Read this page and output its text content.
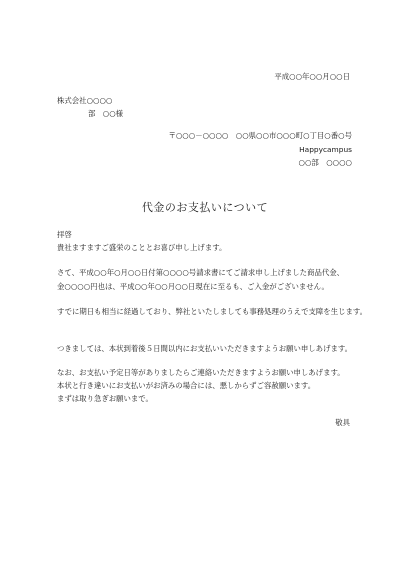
平成○○年○○月○○日
株式会社○○○○
部　○○様
〒○○○－○○○○　○○県○○市○○○町○丁目○番○号
Happycampus
○○部　○○○○
代金のお支払いについて
拝啓
貴社ますますご盛栄のこととお喜び申し上げます。
さて、平成○○年○月○○日付第○○○○号請求書にてご請求申し上げました商品代金、
金○○○○円也は、平成○○年○○月○○日現在に至るも、ご入金がございません。
すでに期日も相当に経過しており、弊社といたしましても事務処理のうえで支障を生じます。
つきましては、本状到着後５日間以内にお支払いいただきますようお願い申しあげます。
なお、お支払い予定日等がありましたらご連絡いただきますようお願い申しあげます。
本状と行き違いにお支払いがお済みの場合には、悪しからずご容赦願います。
まずは取り急ぎお願いまで。
敬具
